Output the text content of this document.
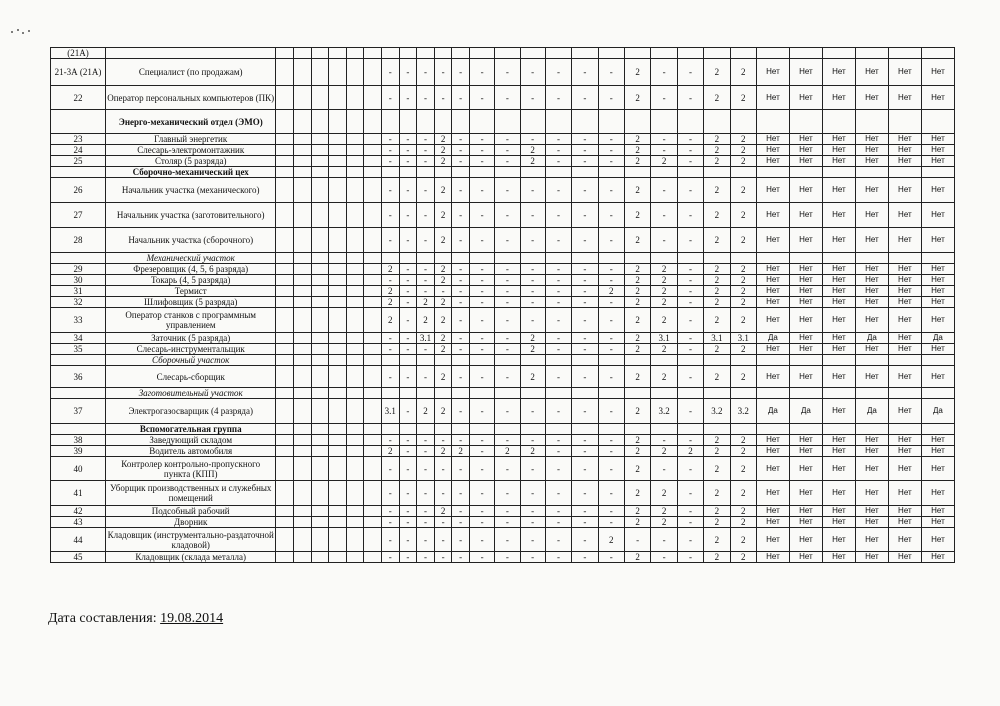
(21А)																													
21-3А (21А)	Специалист (по продажам)							-	-	-	-	-	-	-	-	-	-	-	2	-	-	2	2	Нет	Нет	Нет	Нет	Нет	Нет
22	Оператор персональных компьютеров (ПК)							-	-	-	-	-	-	-	-	-	-	-	2	-	-	2	2	Нет	Нет	Нет	Нет	Нет	Нет
	Энерго-механический отдел (ЭМО)																												
23	Главный энергетик							-	-	-	2	-	-	-	-	-	-	-	2	-	-	2	2	Нет	Нет	Нет	Нет	Нет	Нет
24	Слесарь-электромонтажник							-	-	-	2	-	-	-	2	-	-	-	2	-	-	2	2	Нет	Нет	Нет	Нет	Нет	Нет
25	Столяр (5 разряда)							-	-	-	2	-	-	-	2	-	-	-	2	2	-	2	2	Нет	Нет	Нет	Нет	Нет	Нет
	Сборочно-механический цех																												
26	Начальник участка (механического)							-	-	-	2	-	-	-	-	-	-	-	2	-	-	2	2	Нет	Нет	Нет	Нет	Нет	Нет
27	Начальник участка (заготовительного)							-	-	-	2	-	-	-	-	-	-	-	2	-	-	2	2	Нет	Нет	Нет	Нет	Нет	Нет
28	Начальник участка (сборочного)							-	-	-	2	-	-	-	-	-	-	-	2	-	-	2	2	Нет	Нет	Нет	Нет	Нет	Нет
	Механический участок																												
29	Фрезеровщик (4, 5, 6 разряда)							2	-	-	2	-	-	-	-	-	-	-	2	2	-	2	2	Нет	Нет	Нет	Нет	Нет	Нет
30	Токарь (4, 5 разряда)							-	-	-	2	-	-	-	-	-	-	-	2	2	-	2	2	Нет	Нет	Нет	Нет	Нет	Нет
31	Термист							2	-	-	-	-	-	-	-	-	-	2	2	2	-	2	2	Нет	Нет	Нет	Нет	Нет	Нет
32	Шлифовщик (5 разряда)							2	-	2	2	-	-	-	-	-	-	-	2	2	-	2	2	Нет	Нет	Нет	Нет	Нет	Нет
33	Оператор станков с программным управлением							2	-	2	2	-	-	-	-	-	-	-	2	2	-	2	2	Нет	Нет	Нет	Нет	Нет	Нет
34	Заточник (5 разряда)							-	-	3.1	2	-	-	-	2	-	-	-	2	3.1	-	3.1	3.1	Да	Нет	Нет	Да	Нет	Да
35	Слесарь-инструментальщик							-	-	-	2	-	-	-	2	-	-	-	2	2	-	2	2	Нет	Нет	Нет	Нет	Нет	Нет
	Сборочный участок																												
36	Слесарь-сборщик							-	-	-	2	-	-	-	2	-	-	-	2	2	-	2	2	Нет	Нет	Нет	Нет	Нет	Нет
	Заготовительный участок																												
37	Электрогазосварщик (4 разряда)							3.1	-	2	2	-	-	-	-	-	-	-	2	3.2	-	3.2	3.2	Да	Да	Нет	Да	Нет	Да
	Вспомогательная группа																												
38	Заведующий складом							-	-	-	-	-	-	-	-	-	-	-	2	-	-	2	2	Нет	Нет	Нет	Нет	Нет	Нет
39	Водитель автомобиля							2	-	-	2	2	-	2	2	-	-	-	2	2	2	2	2	Нет	Нет	Нет	Нет	Нет	Нет
40	Контролер контрольно-пропускного пункта (КПП)							-	-	-	-	-	-	-	-	-	-	-	2	-	-	2	2	Нет	Нет	Нет	Нет	Нет	Нет
41	Уборщик производственных и служебных помещений							-	-	-	-	-	-	-	-	-	-	-	2	2	-	2	2	Нет	Нет	Нет	Нет	Нет	Нет
42	Подсобный рабочий							-	-	-	2	-	-	-	-	-	-	-	2	2	-	2	2	Нет	Нет	Нет	Нет	Нет	Нет
43	Дворник							-	-	-	-	-	-	-	-	-	-	-	2	2	-	2	2	Нет	Нет	Нет	Нет	Нет	Нет
44	Кладовщик (инструментально-раздаточной кладовой)							-	-	-	-	-	-	-	-	-	-	2	-	-	-	2	2	Нет	Нет	Нет	Нет	Нет	Нет
45	Кладовщик (склада металла)							-	-	-	-	-	-	-	-	-	-	-	2	-	-	2	2	Нет	Нет	Нет	Нет	Нет	Нет
Дата составления: 19.08.2014
